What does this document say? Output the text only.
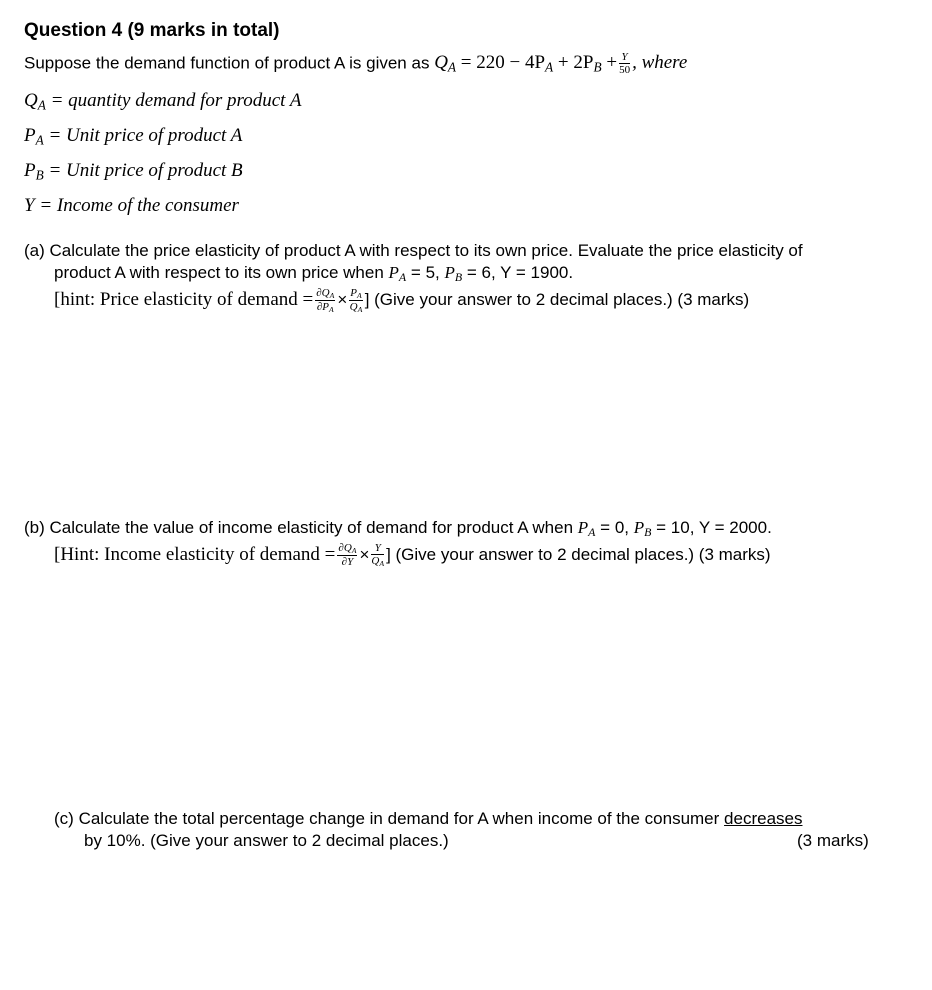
Question 4 (9 marks in total)
Suppose the demand function of product A is given as $Q_A = 220 - 4P_A + 2P_B + \frac{Y}{50}$ , where
$Q_A$ = quantity demand for product A
$P_A$ = Unit price of product A
$P_B$ = Unit price of product B
Y = Income of the consumer
(a) Calculate the price elasticity of product A with respect to its own price. Evaluate the price elasticity of
product A with respect to its own price when $P_A = 5$, $P_B = 6$, Y = 1900.
[hint: Price elasticity of demand = $\frac{\partial Q_A}{\partial P_A} \times \frac{P_A}{Q_A}$ ] (Give your answer to 2 decimal places.) (3 marks)
(b) Calculate the value of income elasticity of demand for product A when $P_A = 0$, $P_B = 10$, Y = 2000.
[Hint: Income elasticity of demand = $\frac{\partial Q_A}{\partial Y} \times \frac{Y}{Q_A}$ ] (Give your answer to 2 decimal places.) (3 marks)
(c) Calculate the total percentage change in demand for A when income of the consumer decreases
by 10%. (Give your answer to 2 decimal places.)	(3 marks)
